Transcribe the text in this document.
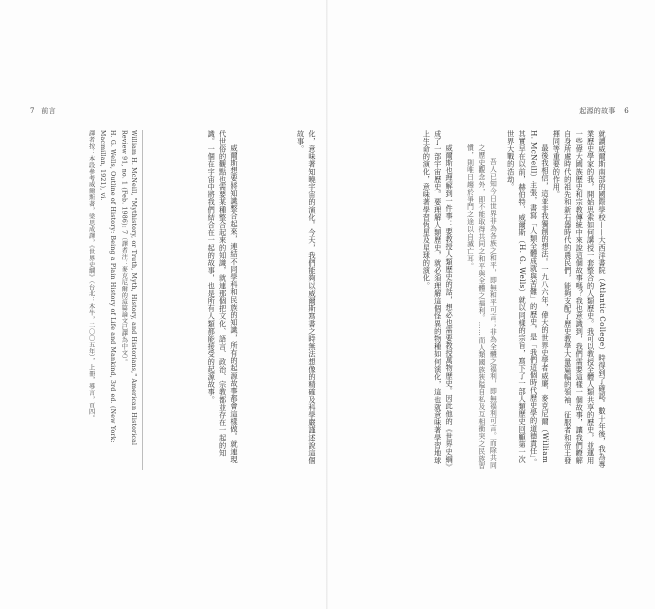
7 前言	起源的故事 6

就讀威爾斯南部的國際學校——大西洋書院（Atlantic College）時得到了確認。數十年後，我為專業歷史學家的我，開始思索如何講授一套整合的人類歷史。我可以教授全體人類共享的歷史，並運用一些偉大國族歷史和宗教傳統中來說這個故事嗎？我也意識到，我們需要這樣一個故事，讓我們瞭解自身所處時代的祖先和新石器時代的農民們，能夠支配了歷史教學大量篇幅的領袖、征服者和帝王發揮同等重要的作用。

最後我相信，這並非我獨創的想法。一九八六年，偉大的世界史學者威廉．麥克尼爾（William H. McNeill）主張，書寫「人類全體成就與苦難」的歷史，是「我們這個時代歷史學的道德責任」。其實早在以前，赫伯特．威爾斯（H. G. Wells）就以同樣的宗旨，寫下了一部人類歷史回顧第一次世界大戰的浩劫。

吾人已知今日世界非為各族之和平，即無和平可言；非為全體之福利，即無福利可言。而除共同之歷史觀念外，即不能取得共同之和平與全體之福利。……而人類國族狹隘自私及互相衝突之民族習慣，則唯日趨於爭鬥之途以自滅亡耳。

威爾斯也理解到一件事：要教授人類歷史的話，想必也需要教授萬物歷史。因此他的《世界史綱》成了一部宇宙歷史。要理解人類歷史，就必須理解這個怪異的物種如何演化，這也就意味著學習地球上生命的演化，意味著學習恆星及星球的演化。

化，意味著知曉宇宙的演化。今天，我們能夠以威爾斯寫書之時無法想像的精確及科學嚴謹述說這個故事。

威爾斯想要將知識整合起來，連結不同學科和民族的知識，所有的起源故事都會這樣做。就連現代世俗的觀點也需要某種整合起來的知識，就連那個把文化、語言、政治、宗教都並存在一起的知識。一個在宇宙中將我們結合在一起的故事，也是所有人類都能接受的起源故事。

William H. McNeill, "Mythistory, or Truth, Myth, History, and Historians," American Historical Review 91, no. 1 (Feb. 1986): 7（譯者注：麥克尼爾的這篇論文已譯為中文）。

H. G. Wells, Outline of History: Being a Plain History of Life and Mankind, 3rd ed. (New York: Macmillan, 1921), vi.

譯者按：本段參考威爾斯著，梁思成譯，《世界史綱》（台北：木牛，二〇〇五年），上冊，導言，頁四。
